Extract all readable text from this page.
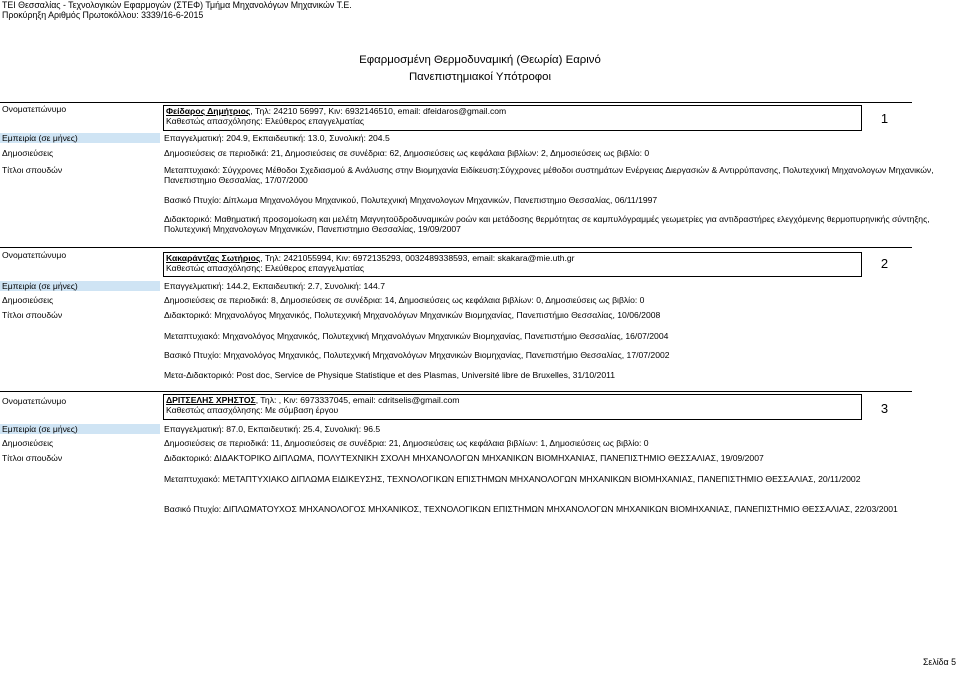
ΤΕΙ Θεσσαλίας - Τεχνολογικών Εφαρμογών (ΣΤΕΦ) Τμήμα Μηχανολόγων Μηχανικών Τ.Ε.
Προκύρηξη Αριθμός Πρωτοκόλλου: 3339/16-6-2015
Εφαρμοσμένη Θερμοδυναμική (Θεωρία) Εαρινό
Πανεπιστημιακοί Υπότροφοι
Ονοματεπώνυμο	Φείδαρος Δημήτριος, Τηλ: 24210 56997, Κιν: 6932146510, email: dfeidaros@gmail.com
Καθεστώς απασχόλησης: Ελεύθερος επαγγελματίας	1
Εμπειρία (σε μήνες)	Επαγγελματική: 204.9, Εκπαιδευτική: 13.0, Συνολική: 204.5
Δημοσιεύσεις	Δημοσιεύσεις σε περιοδικά: 21, Δημοσιεύσεις σε συνέδρια: 62, Δημοσιεύσεις ως κεφάλαια βιβλίων: 2, Δημοσιεύσεις ως βιβλίο: 0
Τίτλοι σπουδών	Μεταπτυχιακό: Σύγχρονες Μέθοδοι Σχεδιασμού & Ανάλυσης στην Βιομηχανία Ειδίκευση:Σύγχρονες μέθοδοι συστημάτων Ενέργειας Διεργασιών & Αντιρρύπανσης, Πολυτεχνική Μηχανολογων Μηχανικών, Πανεπιστημιο Θεσσαλίας, 17/07/2000
Βασικό Πτυχίο: Δίπλωμα Μηχανολόγου Μηχανικού, Πολυτεχνική Μηχανολογων Μηχανικών, Πανεπιστημιο Θεσσαλίας, 06/11/1997
Διδακτορικό: Μαθηματική προσομοίωση και μελέτη Μαγνητοϋδροδυναμικών ροών και μετάδοσης θερμότητας σε καμπυλόγραμμές γεωμετρίες για αντιδραστήρες ελεγχόμενης θερμοπυρηνικής σύντηξης, Πολυτεχνική Μηχανολογων Μηχανικών, Πανεπιστημιο Θεσσαλίας, 19/09/2007
Ονοματεπώνυμο	Κακαράντζας Σωτήριος, Τηλ: 2421055994, Κιν: 6972135293, 0032489338593, email: skakara@mie.uth.gr
Καθεστώς απασχόλησης: Ελεύθερος επαγγελματίας	2
Εμπειρία (σε μήνες)	Επαγγελματική: 144.2, Εκπαιδευτική: 2.7, Συνολική: 144.7
Δημοσιεύσεις	Δημοσιεύσεις σε περιοδικά: 8, Δημοσιεύσεις σε συνέδρια: 14, Δημοσιεύσεις ως κεφάλαια βιβλίων: 0, Δημοσιεύσεις ως βιβλίο: 0
Τίτλοι σπουδών	Διδακτορικό: Μηχανολόγος Μηχανικός, Πολυτεχνική Μηχανολόγων Μηχανικών Βιομηχανίας, Πανεπιστήμιο Θεσσαλίας, 10/06/2008
Μεταπτυχιακό: Μηχανολόγος Μηχανικός, Πολυτεχνική Μηχανολόγων Μηχανικών Βιομηχανίας, Πανεπιστήμιο Θεσσαλίας, 16/07/2004
Βασικό Πτυχίο: Μηχανολόγος Μηχανικός, Πολυτεχνική Μηχανολόγων Μηχανικών Βιομηχανίας, Πανεπιστήμιο Θεσσαλίας, 17/07/2002
Μετα-Διδακτορικό: Post doc, Service de Physique Statistique et des Plasmas, Université libre de Bruxelles, 31/10/2011
Ονοματεπώνυμο	ΔΡΙΤΣΕΛΗΣ ΧΡΗΣΤΟΣ, Τηλ: , Κιν: 6973337045, email: cdritselis@gmail.com
Καθεστώς απασχόλησης: Με σύμβαση έργου	3
Εμπειρία (σε μήνες)	Επαγγελματική: 87.0, Εκπαιδευτική: 25.4, Συνολική: 96.5
Δημοσιεύσεις	Δημοσιεύσεις σε περιοδικά: 11, Δημοσιεύσεις σε συνέδρια: 21, Δημοσιεύσεις ως κεφάλαια βιβλίων: 1, Δημοσιεύσεις ως βιβλίο: 0
Τίτλοι σπουδών	Διδακτορικό: ΔΙΔΑΚΤΟΡΙΚΟ ΔΙΠΛΩΜΑ, ΠΟΛΥΤΕΧΝΙΚΗ ΣΧΟΛΗ ΜΗΧΑΝΟΛΟΓΩΝ ΜΗΧΑΝΙΚΩΝ ΒΙΟΜΗΧΑΝΙΑΣ, ΠΑΝΕΠΙΣΤΗΜΙΟ ΘΕΣΣΑΛΙΑΣ, 19/09/2007
Μεταπτυχιακό: ΜΕΤΑΠΤΥΧΙΑΚΟ ΔΙΠΛΩΜΑ ΕΙΔΙΚΕΥΣΗΣ, ΤΕΧΝΟΛΟΓΙΚΩΝ ΕΠΙΣΤΗΜΩΝ ΜΗΧΑΝΟΛΟΓΩΝ ΜΗΧΑΝΙΚΩΝ ΒΙΟΜΗΧΑΝΙΑΣ, ΠΑΝΕΠΙΣΤΗΜΙΟ ΘΕΣΣΑΛΙΑΣ, 20/11/2002
Βασικό Πτυχίο: ΔΙΠΛΩΜΑΤΟΥΧΟΣ ΜΗΧΑΝΟΛΟΓΟΣ ΜΗΧΑΝΙΚΟΣ, ΤΕΧΝΟΛΟΓΙΚΩΝ ΕΠΙΣΤΗΜΩΝ ΜΗΧΑΝΟΛΟΓΩΝ ΜΗΧΑΝΙΚΩΝ ΒΙΟΜΗΧΑΝΙΑΣ, ΠΑΝΕΠΙΣΤΗΜΙΟ ΘΕΣΣΑΛΙΑΣ, 22/03/2001
Σελίδα 5
